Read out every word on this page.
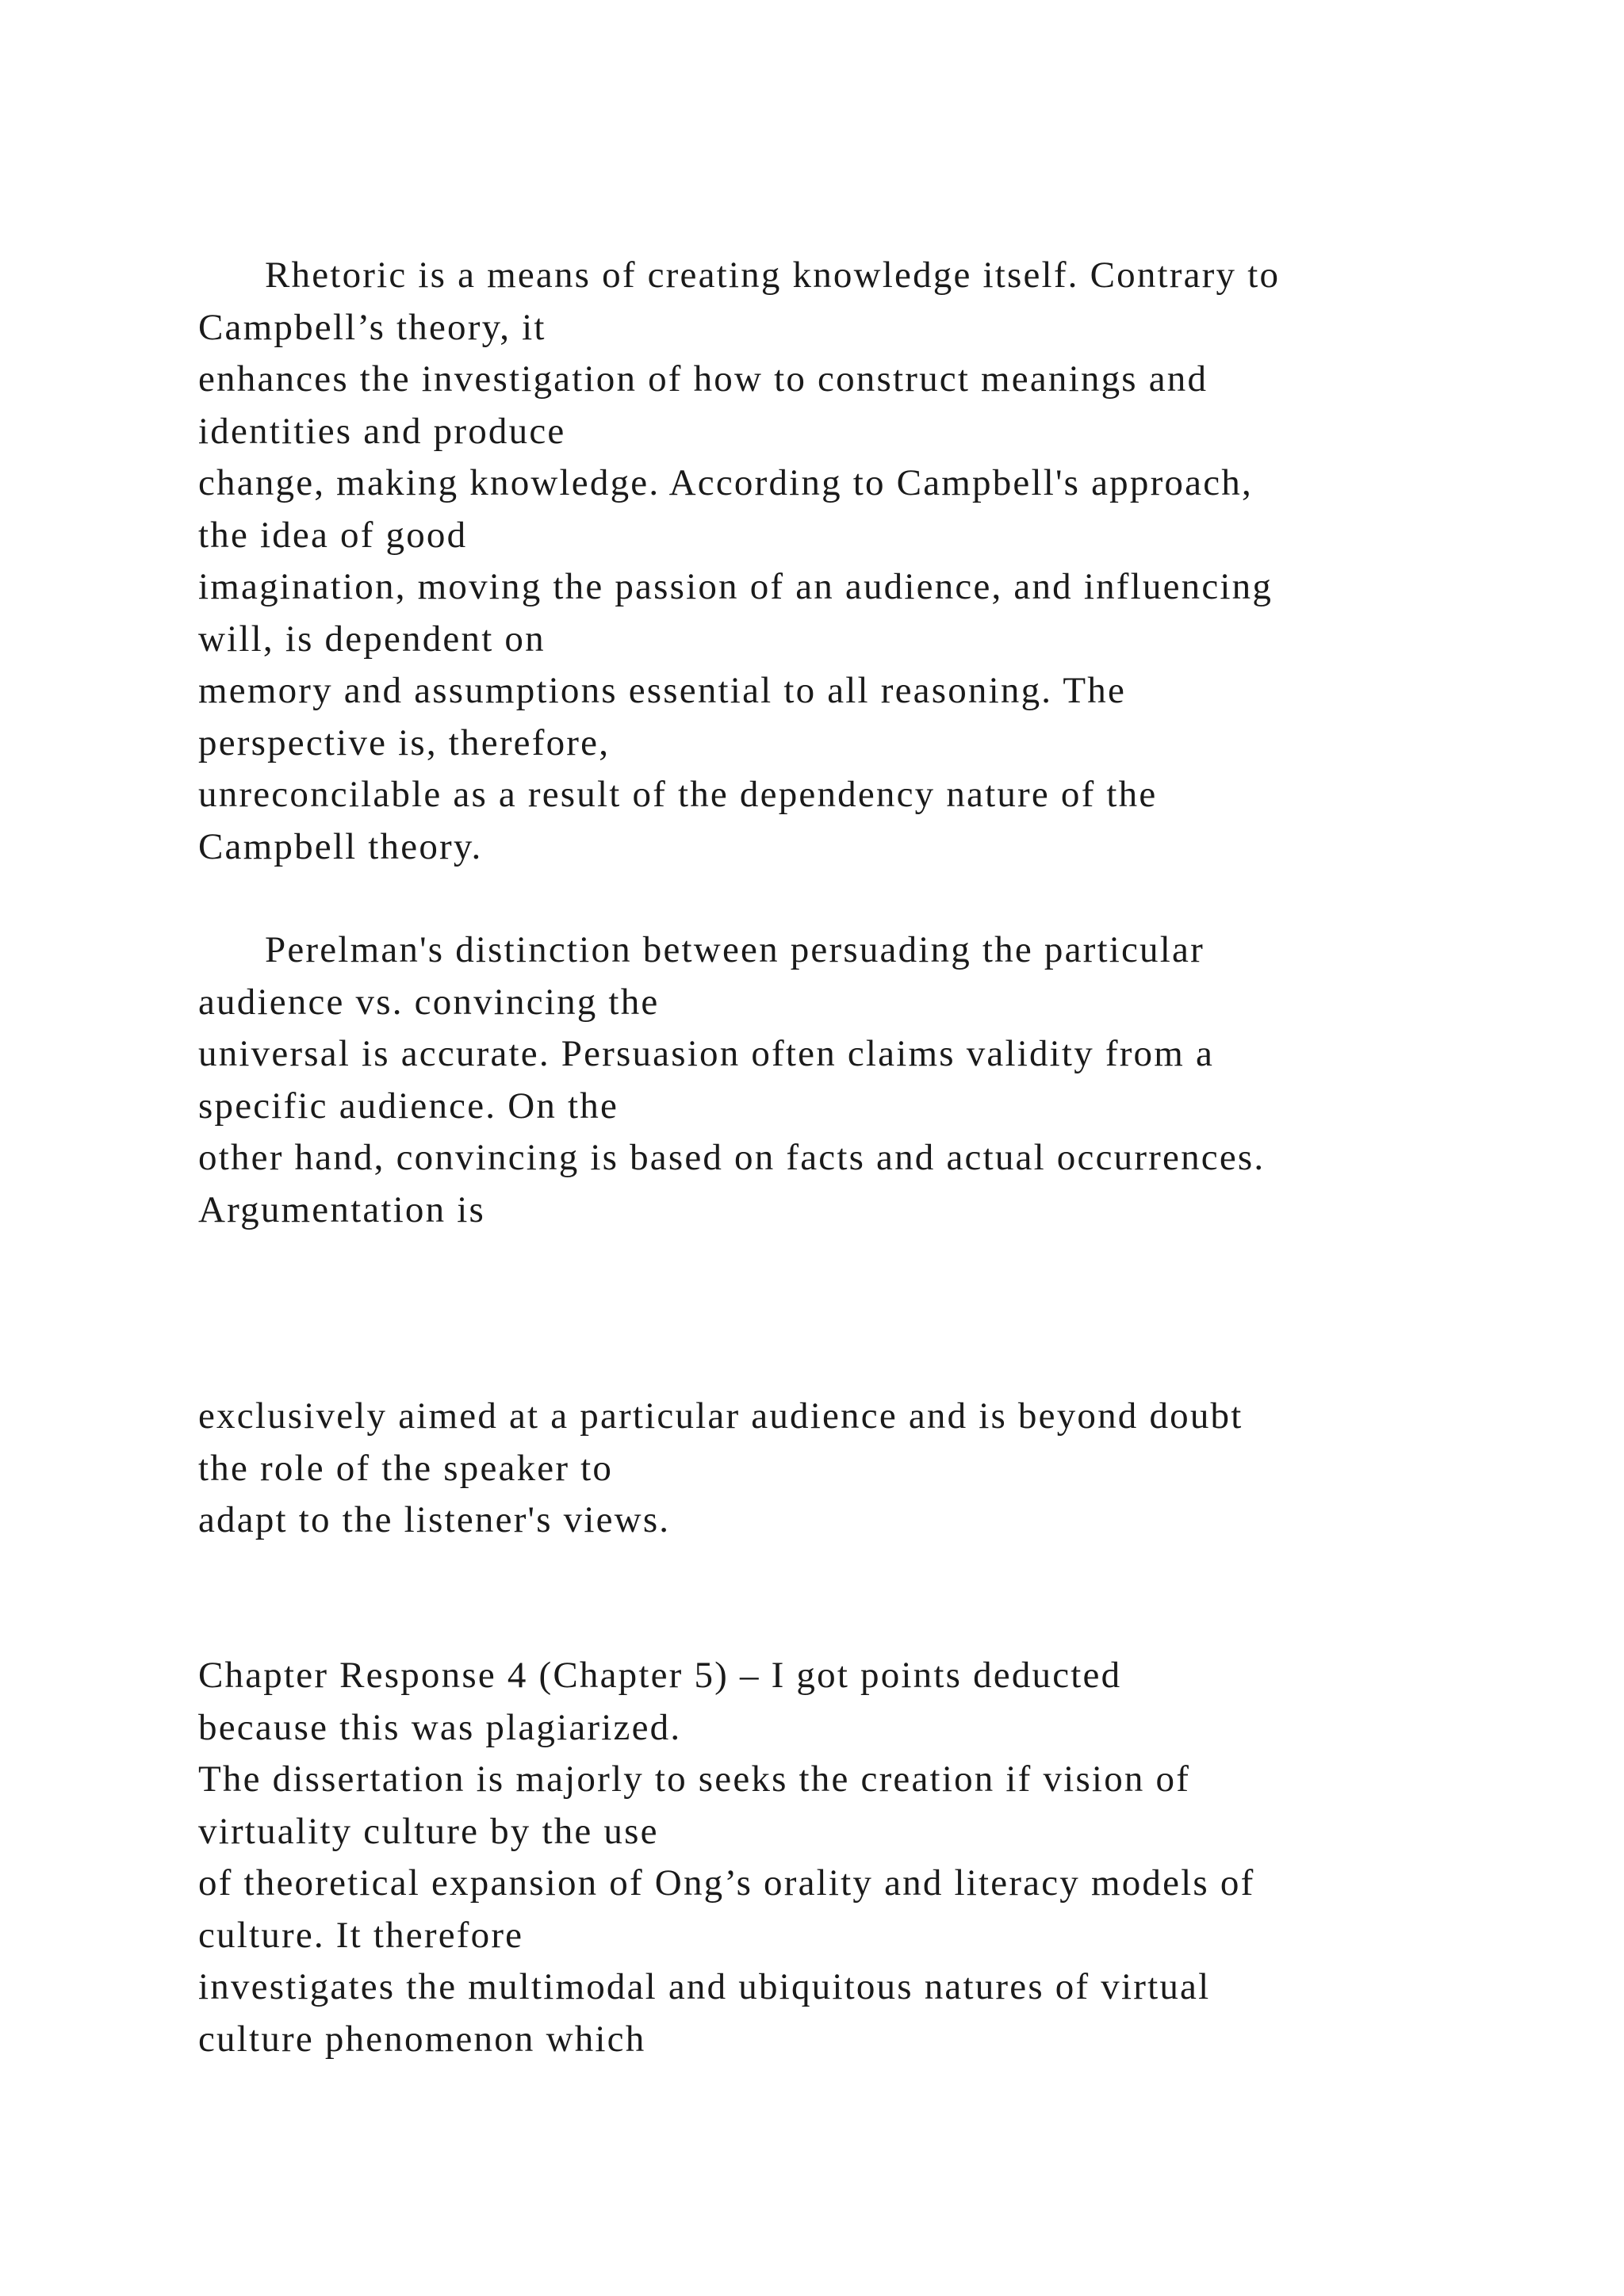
Rhetoric is a means of creating knowledge itself. Contrary to
Campbell’s theory, it
enhances the investigation of how to construct meanings and
identities and produce
change, making knowledge. According to Campbell's approach,
the idea of good
imagination, moving the passion of an audience, and influencing
will, is dependent on
memory and assumptions essential to all reasoning. The
perspective is, therefore,
unreconcilable as a result of the dependency nature of the
Campbell theory.
Perelman's distinction between persuading the particular
audience vs. convincing the
universal is accurate. Persuasion often claims validity from a
specific audience. On the
other hand, convincing is based on facts and actual occurrences.
Argumentation is
exclusively aimed at a particular audience and is beyond doubt
the role of the speaker to
adapt to the listener's views.
Chapter Response 4 (Chapter 5) – I got points deducted
because this was plagiarized.
The dissertation is majorly to seeks the creation if vision of
virtuality culture by the use
of theoretical expansion of Ong’s orality and literacy models of
culture. It therefore
investigates the multimodal and ubiquitous natures of virtual
culture phenomenon which
